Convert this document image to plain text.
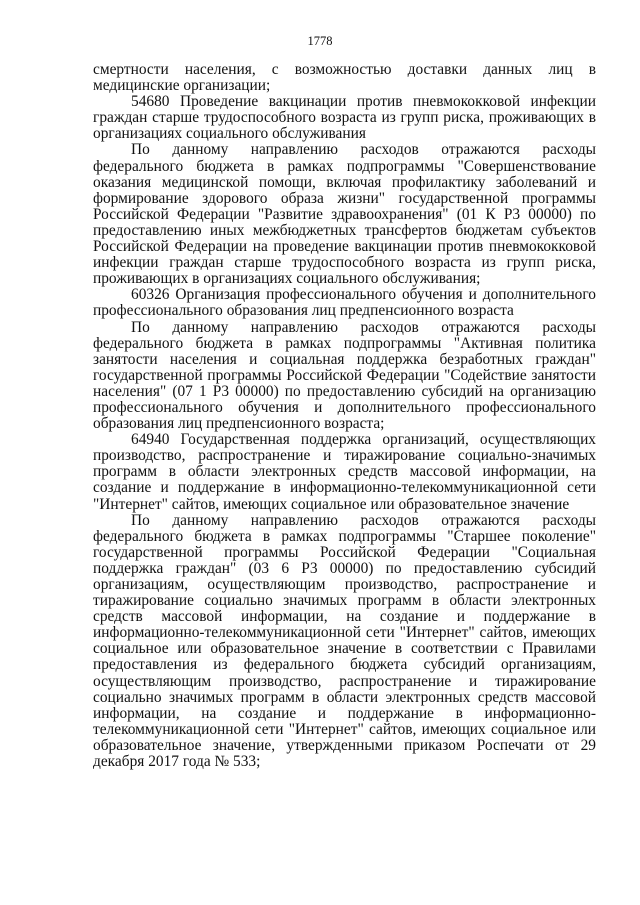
1778

смертности населения, с возможностью доставки данных лиц в медицинские организации;

54680 Проведение вакцинации против пневмококковой инфекции граждан старше трудоспособного возраста из групп риска, проживающих в организациях социального обслуживания

По данному направлению расходов отражаются расходы федерального бюджета в рамках подпрограммы "Совершенствование оказания медицинской помощи, включая профилактику заболеваний и формирование здорового образа жизни" государственной программы Российской Федерации "Развитие здравоохранения" (01 К Р3 00000) по предоставлению иных межбюджетных трансфертов бюджетам субъектов Российской Федерации на проведение вакцинации против пневмококковой инфекции граждан старше трудоспособного возраста из групп риска, проживающих в организациях социального обслуживания;

60326 Организация профессионального обучения и дополнительного профессионального образования лиц предпенсионного возраста

По данному направлению расходов отражаются расходы федерального бюджета в рамках подпрограммы "Активная политика занятости населения и социальная поддержка безработных граждан" государственной программы Российской Федерации "Содействие занятости населения" (07 1 Р3 00000) по предоставлению субсидий на организацию профессионального обучения и дополнительного профессионального образования лиц предпенсионного возраста;

64940 Государственная поддержка организаций, осуществляющих производство, распространение и тиражирование социально-значимых программ в области электронных средств массовой информации, на создание и поддержание в информационно-телекоммуникационной сети "Интернет" сайтов, имеющих социальное или образовательное значение

По данному направлению расходов отражаются расходы федерального бюджета в рамках подпрограммы "Старшее поколение" государственной программы Российской Федерации "Социальная поддержка граждан" (03 6 Р3 00000) по предоставлению субсидий организациям, осуществляющим производство, распространение и тиражирование социально значимых программ в области электронных средств массовой информации, на создание и поддержание в информационно-телекоммуникационной сети "Интернет" сайтов, имеющих социальное или образовательное значение в соответствии с Правилами предоставления из федерального бюджета субсидий организациям, осуществляющим производство, распространение и тиражирование социально значимых программ в области электронных средств массовой информации, на создание и поддержание в информационно-телекоммуникационной сети "Интернет" сайтов, имеющих социальное или образовательное значение, утвержденными приказом Роспечати от 29 декабря 2017 года № 533;
